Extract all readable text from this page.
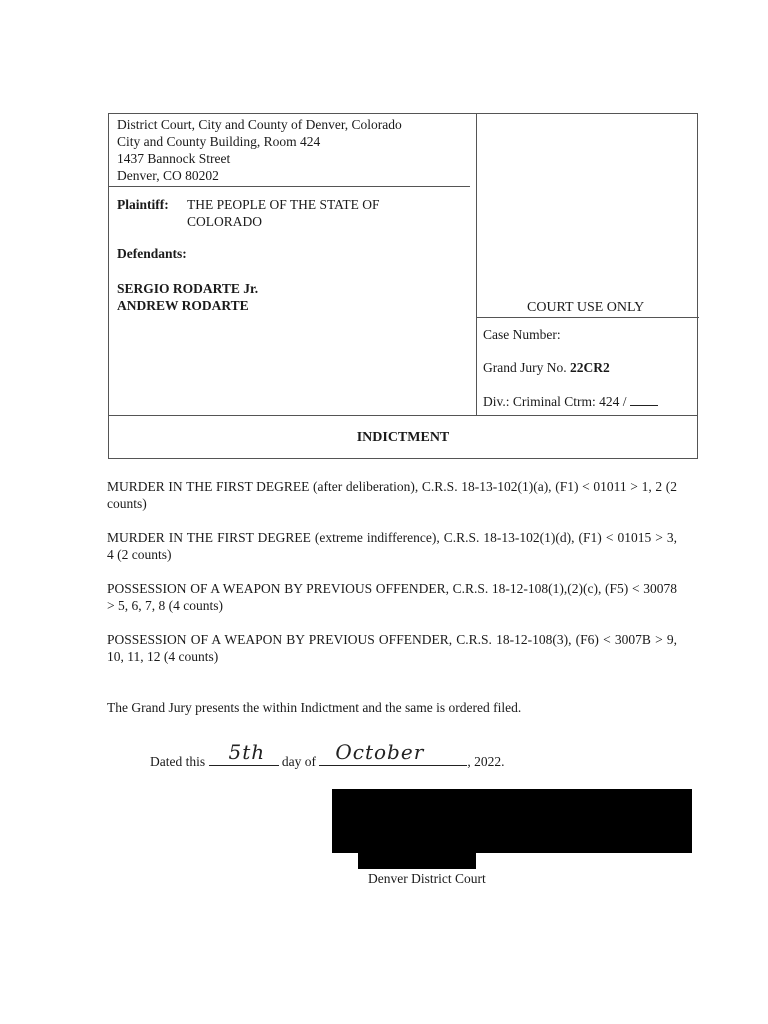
District Court, City and County of Denver, Colorado
City and County Building, Room 424
1437 Bannock Street
Denver, CO 80202
Plaintiff: THE PEOPLE OF THE STATE OF
COLORADO
Defendants:
SERGIO RODARTE Jr.
ANDREW RODARTE	COURT USE ONLY
Case Number:
Grand Jury No. 22CR2
Div.: Criminal Ctrm: 424 /
INDICTMENT
MURDER IN THE FIRST DEGREE (after deliberation), C.R.S. 18-13-102(1)(a), (F1) < 01011 > 1, 2 (2 counts)
MURDER IN THE FIRST DEGREE (extreme indifference), C.R.S. 18-13-102(1)(d), (F1) < 01015 > 3, 4 (2 counts)
POSSESSION OF A WEAPON BY PREVIOUS OFFENDER, C.R.S. 18-12-108(1),(2)(c), (F5) < 30078 > 5, 6, 7, 8 (4 counts)
POSSESSION OF A WEAPON BY PREVIOUS OFFENDER, C.R.S. 18-12-108(3), (F6) < 3007B > 9, 10, 11, 12 (4 counts)
The Grand Jury presents the within Indictment and the same is ordered filed.
Dated this 5th day of October	, 2022.
Denver District Court
